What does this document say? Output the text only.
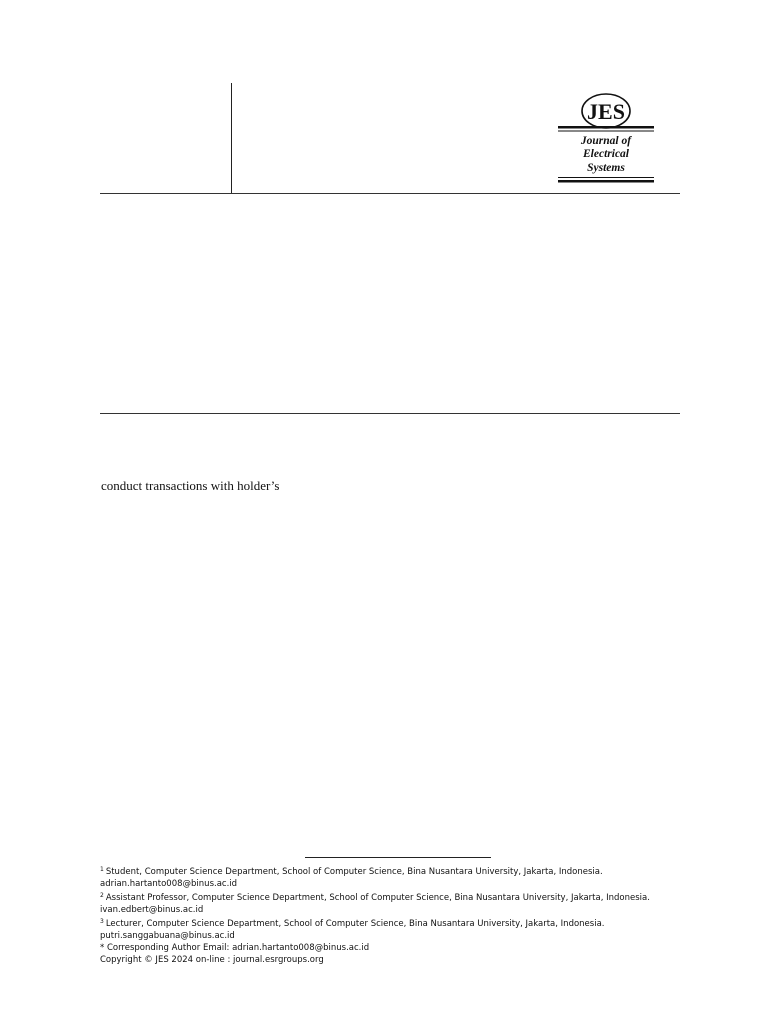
JES
Journal of
Electrical
Systems

conduct transactions with holder’s

$^1$ Student, Computer Science Department, School of Computer Science, Bina Nusantara University, Jakarta, Indonesia.

adrian.hartanto008@binus.ac.id

$^2$ Assistant Professor, Computer Science Department, School of Computer Science, Bina Nusantara University, Jakarta, Indonesia.

ivan.edbert@binus.ac.id

$^3$ Lecturer, Computer Science Department, School of Computer Science, Bina Nusantara University, Jakarta, Indonesia.

putri.sanggabuana@binus.ac.id

* Corresponding Author Email: adrian.hartanto008@binus.ac.id

Copyright © JES 2024 on-line : journal.esrgroups.org
